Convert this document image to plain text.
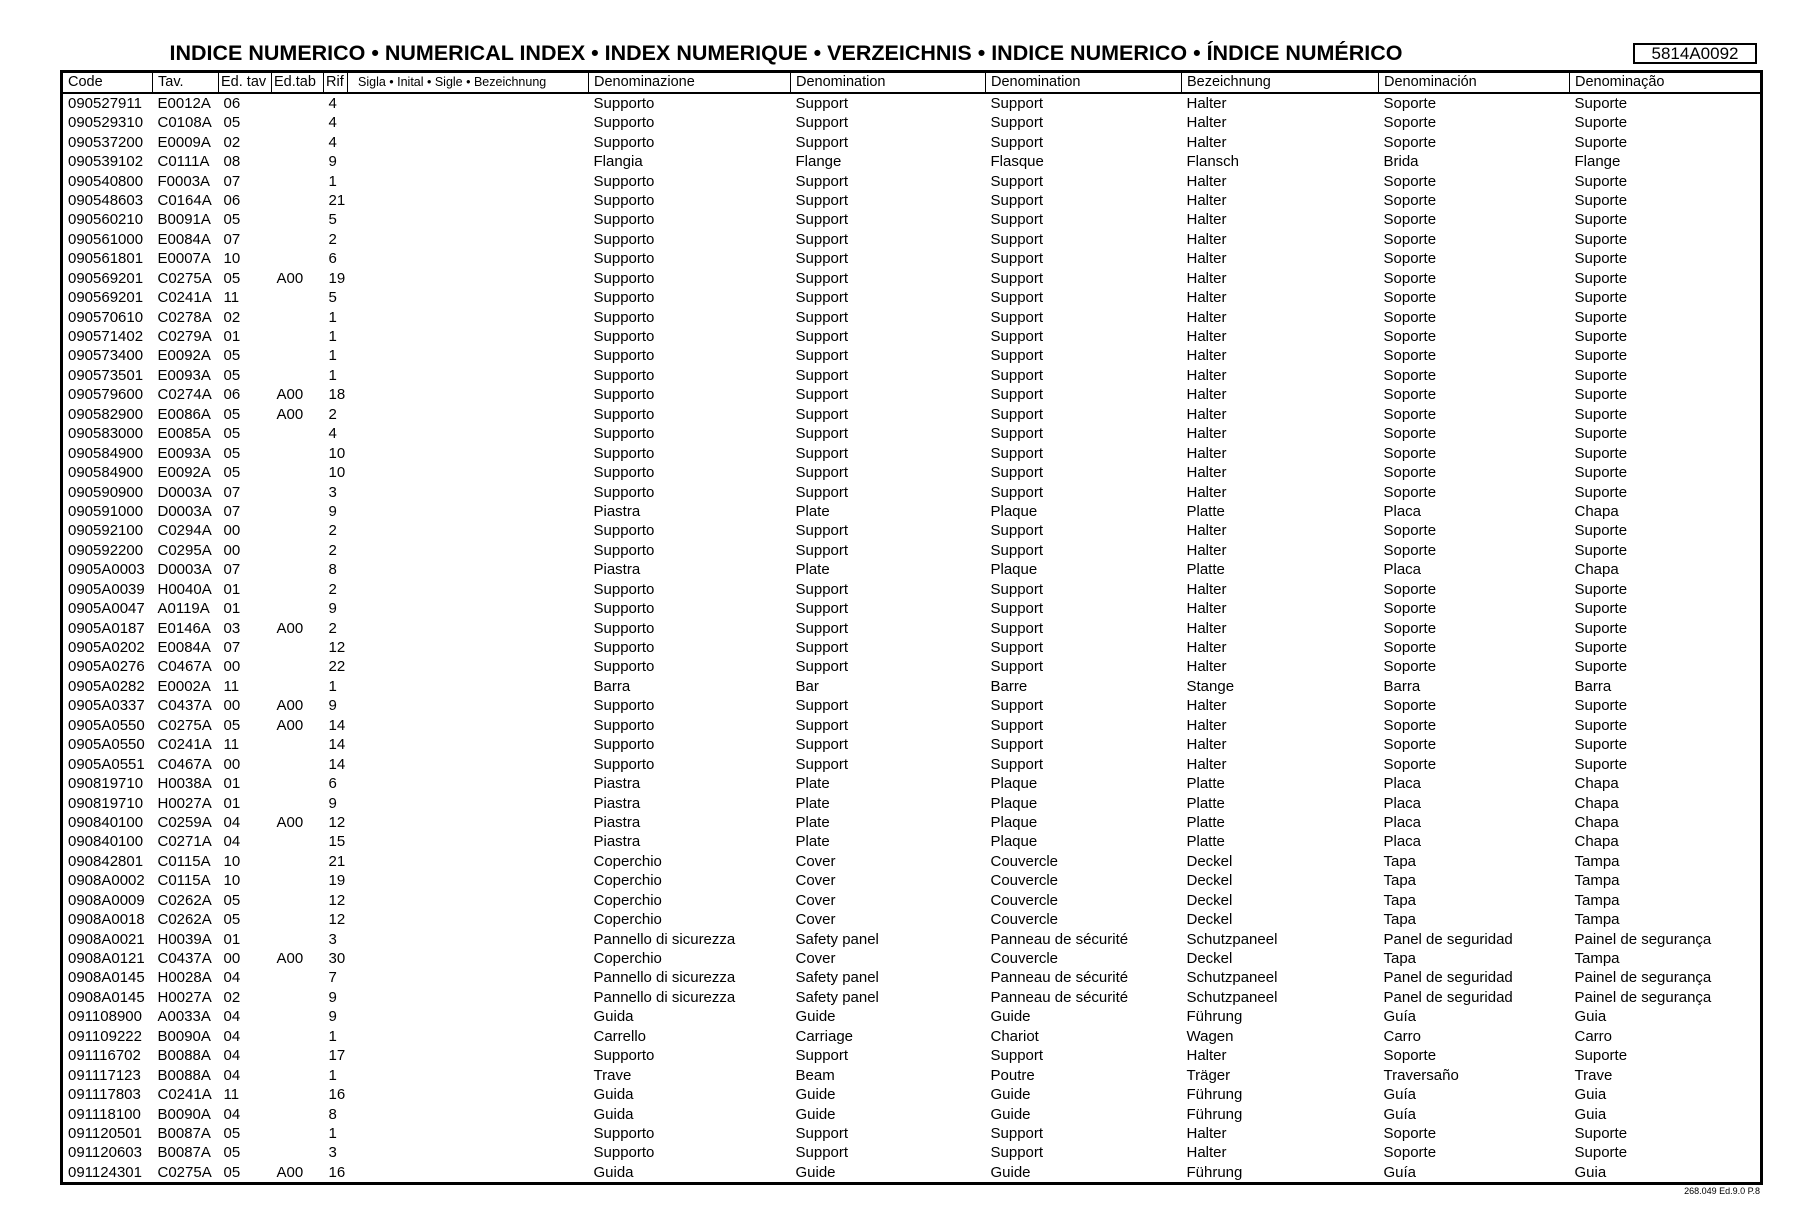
INDICE NUMERICO • NUMERICAL INDEX • INDEX NUMERIQUE • VERZEICHNIS • INDICE NUMERICO • ÍNDICE NUMÉRICO	5814A0092
Code	Tav.	Ed. tav	Ed.tab	Rif	Sigla • Inital • Sigle • Bezeichnung	Denominazione	Denomination	Denomination	Bezeichnung	Denominación	Denominação
090527911	E0012A	06		4		Supporto	Support	Support	Halter	Soporte	Suporte
090529310	C0108A	05		4		Supporto	Support	Support	Halter	Soporte	Suporte
090537200	E0009A	02		4		Supporto	Support	Support	Halter	Soporte	Suporte
090539102	C0111A	08		9		Flangia	Flange	Flasque	Flansch	Brida	Flange
090540800	F0003A	07		1		Supporto	Support	Support	Halter	Soporte	Suporte
090548603	C0164A	06		21		Supporto	Support	Support	Halter	Soporte	Suporte
090560210	B0091A	05		5		Supporto	Support	Support	Halter	Soporte	Suporte
090561000	E0084A	07		2		Supporto	Support	Support	Halter	Soporte	Suporte
090561801	E0007A	10		6		Supporto	Support	Support	Halter	Soporte	Suporte
090569201	C0275A	05	A00	19		Supporto	Support	Support	Halter	Soporte	Suporte
090569201	C0241A	11		5		Supporto	Support	Support	Halter	Soporte	Suporte
090570610	C0278A	02		1		Supporto	Support	Support	Halter	Soporte	Suporte
090571402	C0279A	01		1		Supporto	Support	Support	Halter	Soporte	Suporte
090573400	E0092A	05		1		Supporto	Support	Support	Halter	Soporte	Suporte
090573501	E0093A	05		1		Supporto	Support	Support	Halter	Soporte	Suporte
090579600	C0274A	06	A00	18		Supporto	Support	Support	Halter	Soporte	Suporte
090582900	E0086A	05	A00	2		Supporto	Support	Support	Halter	Soporte	Suporte
090583000	E0085A	05		4		Supporto	Support	Support	Halter	Soporte	Suporte
090584900	E0093A	05		10		Supporto	Support	Support	Halter	Soporte	Suporte
090584900	E0092A	05		10		Supporto	Support	Support	Halter	Soporte	Suporte
090590900	D0003A	07		3		Supporto	Support	Support	Halter	Soporte	Suporte
090591000	D0003A	07		9		Piastra	Plate	Plaque	Platte	Placa	Chapa
090592100	C0294A	00		2		Supporto	Support	Support	Halter	Soporte	Suporte
090592200	C0295A	00		2		Supporto	Support	Support	Halter	Soporte	Suporte
0905A0003	D0003A	07		8		Piastra	Plate	Plaque	Platte	Placa	Chapa
0905A0039	H0040A	01		2		Supporto	Support	Support	Halter	Soporte	Suporte
0905A0047	A0119A	01		9		Supporto	Support	Support	Halter	Soporte	Suporte
0905A0187	E0146A	03	A00	2		Supporto	Support	Support	Halter	Soporte	Suporte
0905A0202	E0084A	07		12		Supporto	Support	Support	Halter	Soporte	Suporte
0905A0276	C0467A	00		22		Supporto	Support	Support	Halter	Soporte	Suporte
0905A0282	E0002A	11		1		Barra	Bar	Barre	Stange	Barra	Barra
0905A0337	C0437A	00	A00	9		Supporto	Support	Support	Halter	Soporte	Suporte
0905A0550	C0275A	05	A00	14		Supporto	Support	Support	Halter	Soporte	Suporte
0905A0550	C0241A	11		14		Supporto	Support	Support	Halter	Soporte	Suporte
0905A0551	C0467A	00		14		Supporto	Support	Support	Halter	Soporte	Suporte
090819710	H0038A	01		6		Piastra	Plate	Plaque	Platte	Placa	Chapa
090819710	H0027A	01		9		Piastra	Plate	Plaque	Platte	Placa	Chapa
090840100	C0259A	04	A00	12		Piastra	Plate	Plaque	Platte	Placa	Chapa
090840100	C0271A	04		15		Piastra	Plate	Plaque	Platte	Placa	Chapa
090842801	C0115A	10		21		Coperchio	Cover	Couvercle	Deckel	Tapa	Tampa
0908A0002	C0115A	10		19		Coperchio	Cover	Couvercle	Deckel	Tapa	Tampa
0908A0009	C0262A	05		12		Coperchio	Cover	Couvercle	Deckel	Tapa	Tampa
0908A0018	C0262A	05		12		Coperchio	Cover	Couvercle	Deckel	Tapa	Tampa
0908A0021	H0039A	01		3		Pannello di sicurezza	Safety panel	Panneau de sécurité	Schutzpaneel	Panel de seguridad	Painel de segurança
0908A0121	C0437A	00	A00	30		Coperchio	Cover	Couvercle	Deckel	Tapa	Tampa
0908A0145	H0028A	04		7		Pannello di sicurezza	Safety panel	Panneau de sécurité	Schutzpaneel	Panel de seguridad	Painel de segurança
0908A0145	H0027A	02		9		Pannello di sicurezza	Safety panel	Panneau de sécurité	Schutzpaneel	Panel de seguridad	Painel de segurança
091108900	A0033A	04		9		Guida	Guide	Guide	Führung	Guía	Guia
091109222	B0090A	04		1		Carrello	Carriage	Chariot	Wagen	Carro	Carro
091116702	B0088A	04		17		Supporto	Support	Support	Halter	Soporte	Suporte
091117123	B0088A	04		1		Trave	Beam	Poutre	Träger	Traversaño	Trave
091117803	C0241A	11		16		Guida	Guide	Guide	Führung	Guía	Guia
091118100	B0090A	04		8		Guida	Guide	Guide	Führung	Guía	Guia
091120501	B0087A	05		1		Supporto	Support	Support	Halter	Soporte	Suporte
091120603	B0087A	05		3		Supporto	Support	Support	Halter	Soporte	Suporte
091124301	C0275A	05	A00	16		Guida	Guide	Guide	Führung	Guía	Guia
268.049 Ed.9.0 P.8
